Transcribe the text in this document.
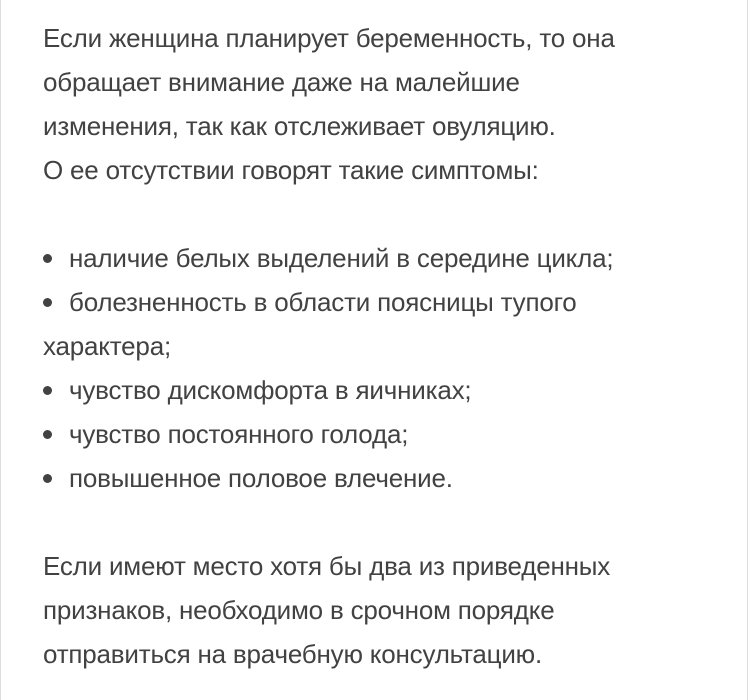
Если женщина планирует беременность, то она
обращает внимание даже на малейшие
изменения, так как отслеживает овуляцию.
О ее отсутствии говорят такие симптомы:

наличие белых выделений в середине цикла;
болезненность в области поясницы тупого
характера;
чувство дискомфорта в яичниках;
чувство постоянного голода;
повышенное половое влечение.

Если имеют место хотя бы два из приведенных
признаков, необходимо в срочном порядке
отправиться на врачебную консультацию.
